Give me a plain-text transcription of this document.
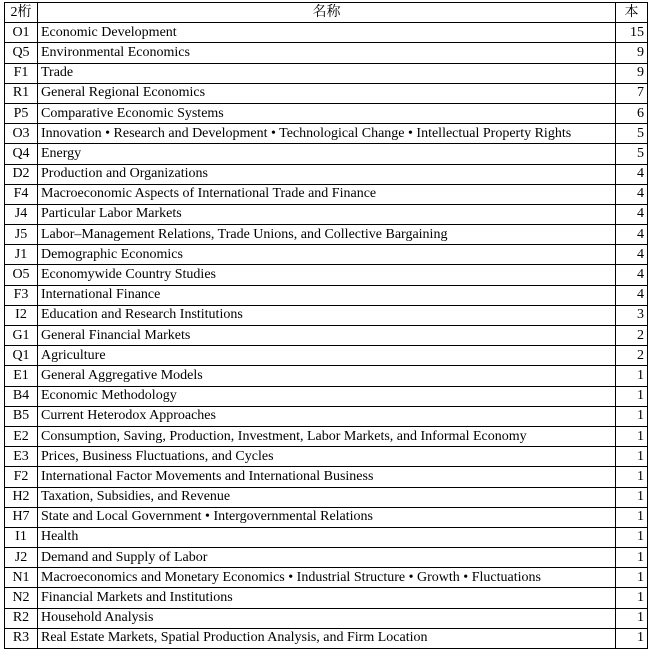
2桁	名称	本
O1	Economic Development	15
Q5	Environmental Economics	9
F1	Trade	9
R1	General Regional Economics	7
P5	Comparative Economic Systems	6
O3	Innovation • Research and Development • Technological Change • Intellectual Property Rights	5
Q4	Energy	5
D2	Production and Organizations	4
F4	Macroeconomic Aspects of International Trade and Finance	4
J4	Particular Labor Markets	4
J5	Labor–Management Relations, Trade Unions, and Collective Bargaining	4
J1	Demographic Economics	4
O5	Economywide Country Studies	4
F3	International Finance	4
I2	Education and Research Institutions	3
G1	General Financial Markets	2
Q1	Agriculture	2
E1	General Aggregative Models	1
B4	Economic Methodology	1
B5	Current Heterodox Approaches	1
E2	Consumption, Saving, Production, Investment, Labor Markets, and Informal Economy	1
E3	Prices, Business Fluctuations, and Cycles	1
F2	International Factor Movements and International Business	1
H2	Taxation, Subsidies, and Revenue	1
H7	State and Local Government • Intergovernmental Relations	1
I1	Health	1
J2	Demand and Supply of Labor	1
N1	Macroeconomics and Monetary Economics • Industrial Structure • Growth • Fluctuations	1
N2	Financial Markets and Institutions	1
R2	Household Analysis	1
R3	Real Estate Markets, Spatial Production Analysis, and Firm Location	1
